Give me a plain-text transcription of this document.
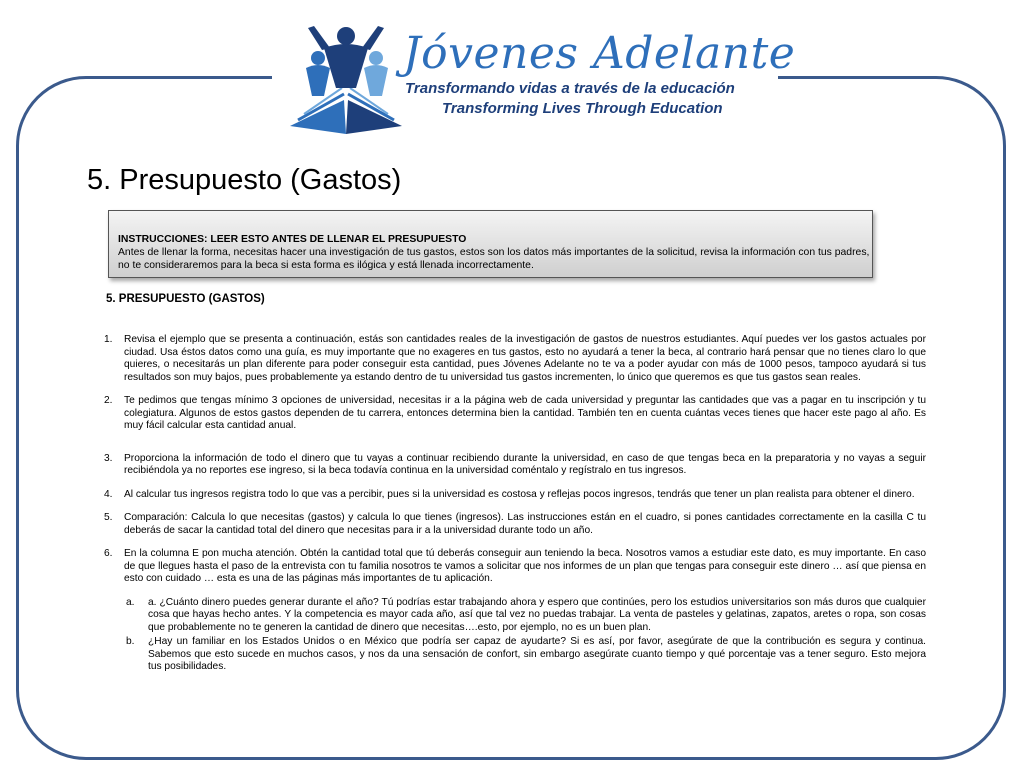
Jóvenes Adelante
Transformando vidas a través de la educación
Transforming Lives Through Education
5. Presupuesto (Gastos)
INSTRUCCIONES: LEER ESTO ANTES DE LLENAR EL PRESUPUESTO
Antes de llenar la forma, necesitas hacer una investigación de tus gastos, estos son los datos más importantes de la solicitud, revisa la información con tus padres, no te consideraremos para la beca si esta forma es ilógica y está llenada incorrectamente.
5. PRESUPUESTO (GASTOS)
1. Revisa el ejemplo que se presenta a continuación, estás son cantidades reales de la investigación de gastos de nuestros estudiantes. Aquí puedes ver los gastos actuales por ciudad. Usa éstos datos como una guía, es muy importante que no exageres en tus gastos, esto no ayudará a tener la beca, al contrario hará pensar que no tienes claro lo que quieres, o necesitarás un plan diferente para poder conseguir esta cantidad, pues Jóvenes Adelante no te va a poder ayudar con más de 1000 pesos, tampoco ayudará si tus resultados son muy bajos, pues probablemente ya estando dentro de tu universidad tus gastos incrementen, lo único que queremos es que tus gastos sean reales.
2. Te pedimos que tengas mínimo 3 opciones de universidad, necesitas ir a la página web de cada universidad y preguntar las cantidades que vas a pagar en tu inscripción y tu colegiatura. Algunos de estos gastos dependen de tu carrera, entonces determina bien la cantidad. También ten en cuenta cuántas veces tienes que hacer este pago al año. Es muy fácil calcular esta cantidad anual.
3. Proporciona la información de todo el dinero que tu vayas a continuar recibiendo durante la universidad, en caso de que tengas beca en la preparatoria y no vayas a seguir recibiéndola ya no reportes ese ingreso, si la beca todavía continua en la universidad coméntalo y regístralo en tus ingresos.
4. Al calcular tus ingresos registra todo lo que vas a percibir, pues si la universidad es costosa y reflejas pocos ingresos, tendrás que tener un plan realista para obtener el dinero.
5. Comparación: Calcula lo que necesitas (gastos) y calcula lo que tienes (ingresos). Las instrucciones están en el cuadro, si pones cantidades correctamente en la casilla C tu deberás de sacar la cantidad total del dinero que necesitas para ir a la universidad durante todo un año.
6. En la columna E pon mucha atención. Obtén la cantidad total que tú deberás conseguir aun teniendo la beca. Nosotros vamos a estudiar este dato, es muy importante. En caso de que llegues hasta el paso de la entrevista con tu familia nosotros te vamos a solicitar que nos informes de un plan que tengas para conseguir este dinero … así que piensa en esto con cuidado … esta es una de las páginas más importantes de tu aplicación.
a. a. ¿Cuánto dinero puedes generar durante el año? Tú podrías estar trabajando ahora y espero que continúes, pero los estudios universitarios son más duros que cualquier cosa que hayas hecho antes. Y la competencia es mayor cada año, así que tal vez no puedas trabajar. La venta de pasteles y gelatinas, zapatos, aretes o ropa, son cosas que probablemente no te generen la cantidad de dinero que necesitas….esto, por ejemplo, no es un buen plan.
b. ¿Hay un familiar en los Estados Unidos o en México que podría ser capaz de ayudarte? Si es así, por favor, asegúrate de que la contribución es segura y continua. Sabemos que esto sucede en muchos casos, y nos da una sensación de confort, sin embargo asegúrate cuanto tiempo y qué porcentaje vas a tener seguro. Esto mejora tus posibilidades.
